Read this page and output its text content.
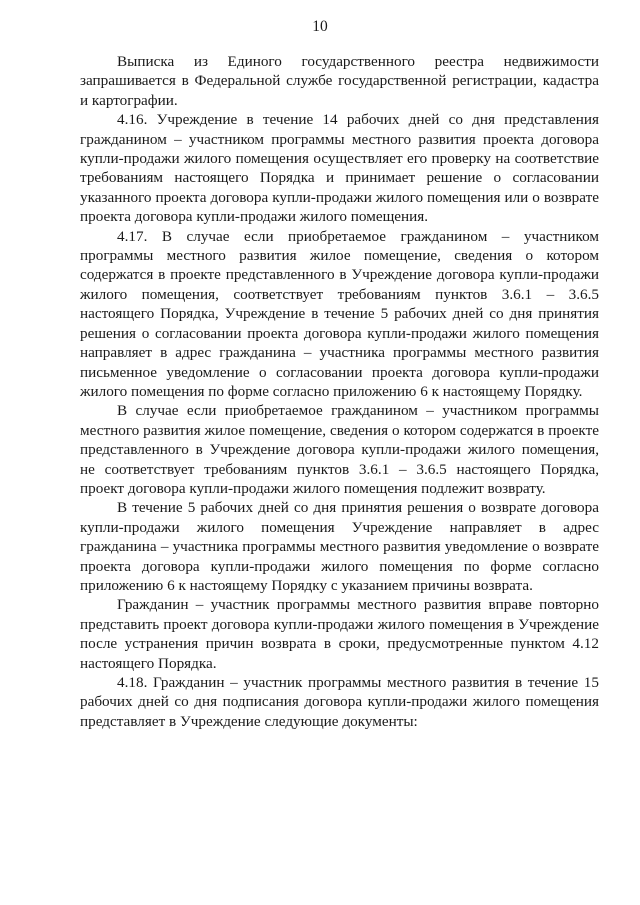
10

Выписка из Единого государственного реестра недвижимости запрашивается в Федеральной службе государственной регистрации, кадастра и картографии.

4.16. Учреждение в течение 14 рабочих дней со дня представления гражданином – участником программы местного развития проекта договора купли-продажи жилого помещения осуществляет его проверку на соответствие требованиям настоящего Порядка и принимает решение о согласовании указанного проекта договора купли-продажи жилого помещения или о возврате проекта договора купли-продажи жилого помещения.

4.17. В случае если приобретаемое гражданином – участником программы местного развития жилое помещение, сведения о котором содержатся в проекте представленного в Учреждение договора купли-продажи жилого помещения, соответствует требованиям пунктов 3.6.1 – 3.6.5 настоящего Порядка, Учреждение в течение 5 рабочих дней со дня принятия решения о согласовании проекта договора купли-продажи жилого помещения направляет в адрес гражданина – участника программы местного развития письменное уведомление о согласовании проекта договора купли-продажи жилого помещения по форме согласно приложению 6 к настоящему Порядку.

В случае если приобретаемое гражданином – участником программы местного развития жилое помещение, сведения о котором содержатся в проекте представленного в Учреждение договора купли-продажи жилого помещения, не соответствует требованиям пунктов 3.6.1 – 3.6.5 настоящего Порядка, проект договора купли-продажи жилого помещения подлежит возврату.

В течение 5 рабочих дней со дня принятия решения о возврате договора купли-продажи жилого помещения Учреждение направляет в адрес гражданина – участника программы местного развития уведомление о возврате проекта договора купли-продажи жилого помещения по форме согласно приложению 6 к настоящему Порядку с указанием причины возврата.

Гражданин – участник программы местного развития вправе повторно представить проект договора купли-продажи жилого помещения в Учреждение после устранения причин возврата в сроки, предусмотренные пунктом 4.12 настоящего Порядка.

4.18. Гражданин – участник программы местного развития в течение 15 рабочих дней со дня подписания договора купли-продажи жилого помещения представляет в Учреждение следующие документы:
